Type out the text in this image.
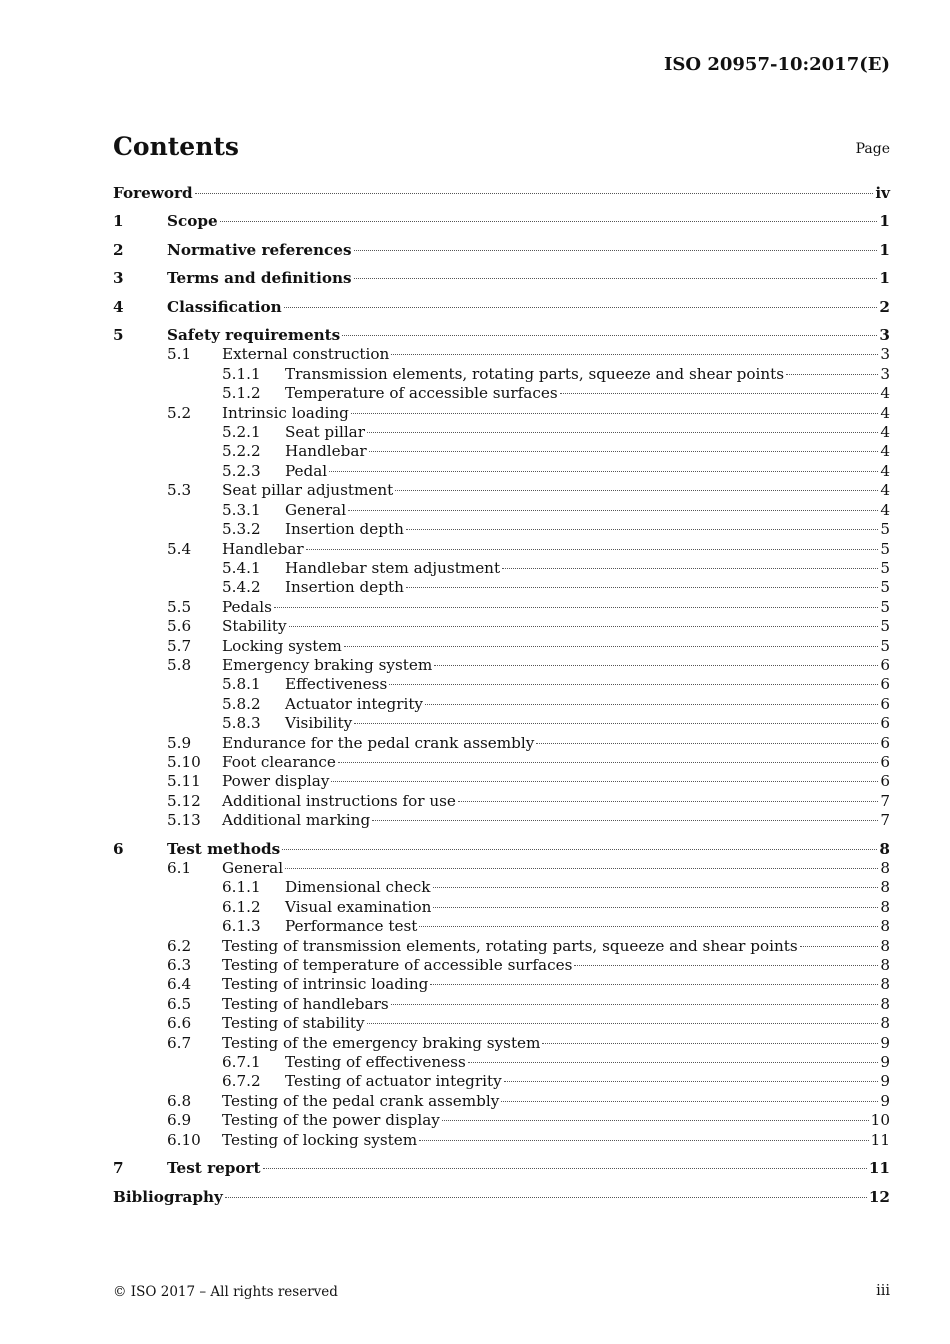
ISO 20957-10:2017(E)
Contents	Page
Foreword	iv
1	Scope	1
2	Normative references	1
3	Terms and definitions	1
4	Classification	2
5	Safety requirements	3
5.1	External construction	3
5.1.1	Transmission elements, rotating parts, squeeze and shear points	3
5.1.2	Temperature of accessible surfaces	4
5.2	Intrinsic loading	4
5.2.1	Seat pillar	4
5.2.2	Handlebar	4
5.2.3	Pedal	4
5.3	Seat pillar adjustment	4
5.3.1	General	4
5.3.2	Insertion depth	5
5.4	Handlebar	5
5.4.1	Handlebar stem adjustment	5
5.4.2	Insertion depth	5
5.5	Pedals	5
5.6	Stability	5
5.7	Locking system	5
5.8	Emergency braking system	6
5.8.1	Effectiveness	6
5.8.2	Actuator integrity	6
5.8.3	Visibility	6
5.9	Endurance for the pedal crank assembly	6
5.10	Foot clearance	6
5.11	Power display	6
5.12	Additional instructions for use	7
5.13	Additional marking	7
6	Test methods	8
6.1	General	8
6.1.1	Dimensional check	8
6.1.2	Visual examination	8
6.1.3	Performance test	8
6.2	Testing of transmission elements, rotating parts, squeeze and shear points	8
6.3	Testing of temperature of accessible surfaces	8
6.4	Testing of intrinsic loading	8
6.5	Testing of handlebars	8
6.6	Testing of stability	8
6.7	Testing of the emergency braking system	9
6.7.1	Testing of effectiveness	9
6.7.2	Testing of actuator integrity	9
6.8	Testing of the pedal crank assembly	9
6.9	Testing of the power display	10
6.10	Testing of locking system	11
7	Test report	11
Bibliography	12
© ISO 2017 – All rights reserved	iii
